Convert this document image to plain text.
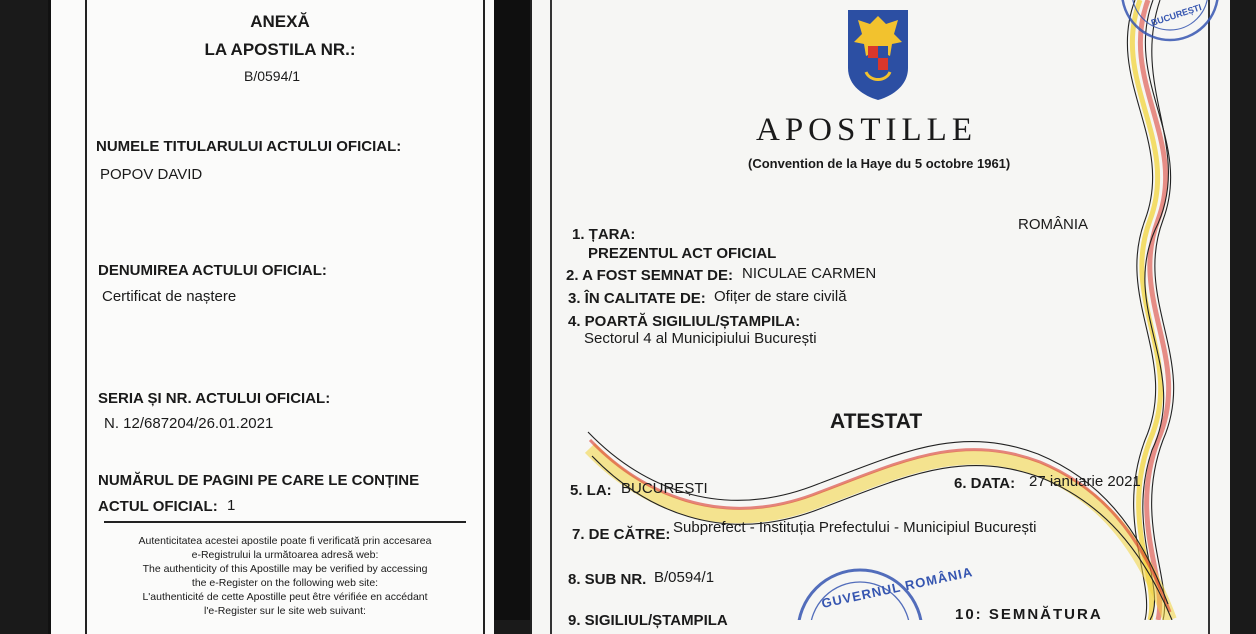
ANEXĂ
LA APOSTILA NR.:
B/0594/1
NUMELE TITULARULUI ACTULUI OFICIAL:
POPOV DAVID
DENUMIREA ACTULUI OFICIAL:
Certificat de naștere
SERIA ȘI NR. ACTULUI OFICIAL:
N. 12/687204/26.01.2021
NUMĂRUL DE PAGINI PE CARE LE CONȚINE
ACTUL OFICIAL: 1
Autenticitatea acestei apostile poate fi verificată prin accesarea
e-Registrului la următoarea adresă web:
The authenticity of this Apostille may be verified by accessing
the e-Register on the following web site:
L'authenticité de cette Apostille peut être vérifiée en accédant
l'e-Register sur le site web suivant:
BUCUREȘTI
GUVERNUL ROMÂNIA
APOSTILLE
(Convention de la Haye du 5 octobre 1961)
1. ȚARA:
ROMÂNIA
PREZENTUL ACT OFICIAL
2. A FOST SEMNAT DE: NICULAE CARMEN
3. ÎN CALITATE DE: Ofițer de stare civilă
4. POARTĂ SIGILIUL/ȘTAMPILA:
Sectorul 4 al Municipiului București
ATESTAT
5. LA: BUCUREȘTI	6. DATA: 27 ianuarie 2021
7. DE CĂTRE: Subprefect - Instituția Prefectului - Municipiul București
8. SUB NR. B/0594/1
9. SIGILIUL/ȘTAMPILA	10: SEMNĂTURA
